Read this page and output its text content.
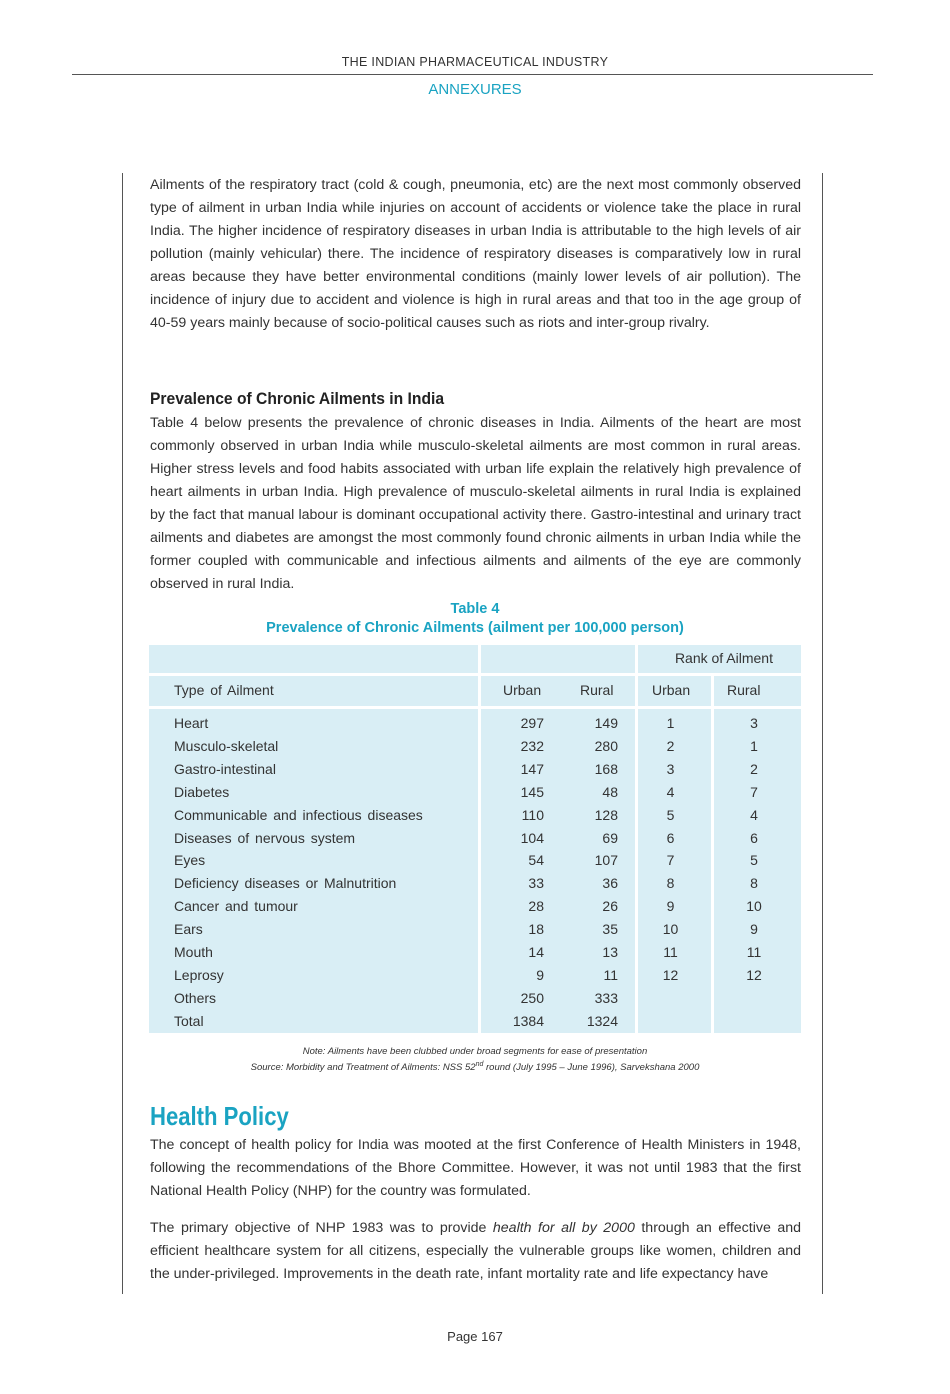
THE INDIAN PHARMACEUTICAL INDUSTRY
ANNEXURES

Ailments of the respiratory tract (cold & cough, pneumonia, etc) are the next most commonly observed type of ailment in urban India while injuries on account of accidents or violence take the place in rural India. The higher incidence of respiratory diseases in urban India is attributable to the high levels of air pollution (mainly vehicular) there. The incidence of respiratory diseases is comparatively low in rural areas because they have better environmental conditions (mainly lower levels of air pollution). The incidence of injury due to accident and violence is high in rural areas and that too in the age group of 40-59 years mainly because of socio-political causes such as riots and inter-group rivalry.

Prevalence of Chronic Ailments in India

Table 4 below presents the prevalence of chronic diseases in India. Ailments of the heart are most commonly observed in urban India while musculo-skeletal ailments are most common in rural areas. Higher stress levels and food habits associated with urban life explain the relatively high prevalence of heart ailments in urban India. High prevalence of musculo-skeletal ailments in rural India is explained by the fact that manual labour is dominant occupational activity there. Gastro-intestinal and urinary tract ailments and diabetes are amongst the most commonly found chronic ailments in urban India while the former coupled with communicable and infectious ailments and ailments of the eye are commonly observed in rural India.

Table 4
Prevalence of Chronic Ailments (ailment per 100,000 person)
Rank of Ailment
Type of Ailment	Urban	Rural	Urban	Rural
Heart	297	149	1	3
Musculo-skeletal	232	280	2	1
Gastro-intestinal	147	168	3	2
Diabetes	145	48	4	7
Communicable and infectious diseases	110	128	5	4
Diseases of nervous system	104	69	6	6
Eyes	54	107	7	5
Deficiency diseases or Malnutrition	33	36	8	8
Cancer and tumour	28	26	9	10
Ears	18	35	10	9
Mouth	14	13	11	11
Leprosy	9	11	12	12
Others	250	333
Total	1384	1324
Note: Ailments have been clubbed under broad segments for ease of presentation
Source: Morbidity and Treatment of Ailments: NSS 52nd round (July 1995 – June 1996), Sarvekshana 2000
Health Policy

The concept of health policy for India was mooted at the first Conference of Health Ministers in 1948, following the recommendations of the Bhore Committee. However, it was not until 1983 that the first National Health Policy (NHP) for the country was formulated.

The primary objective of NHP 1983 was to provide health for all by 2000 through an effective and efficient healthcare system for all citizens, especially the vulnerable groups like women, children and the under-privileged. Improvements in the death rate, infant mortality rate and life expectancy have

Page 167
